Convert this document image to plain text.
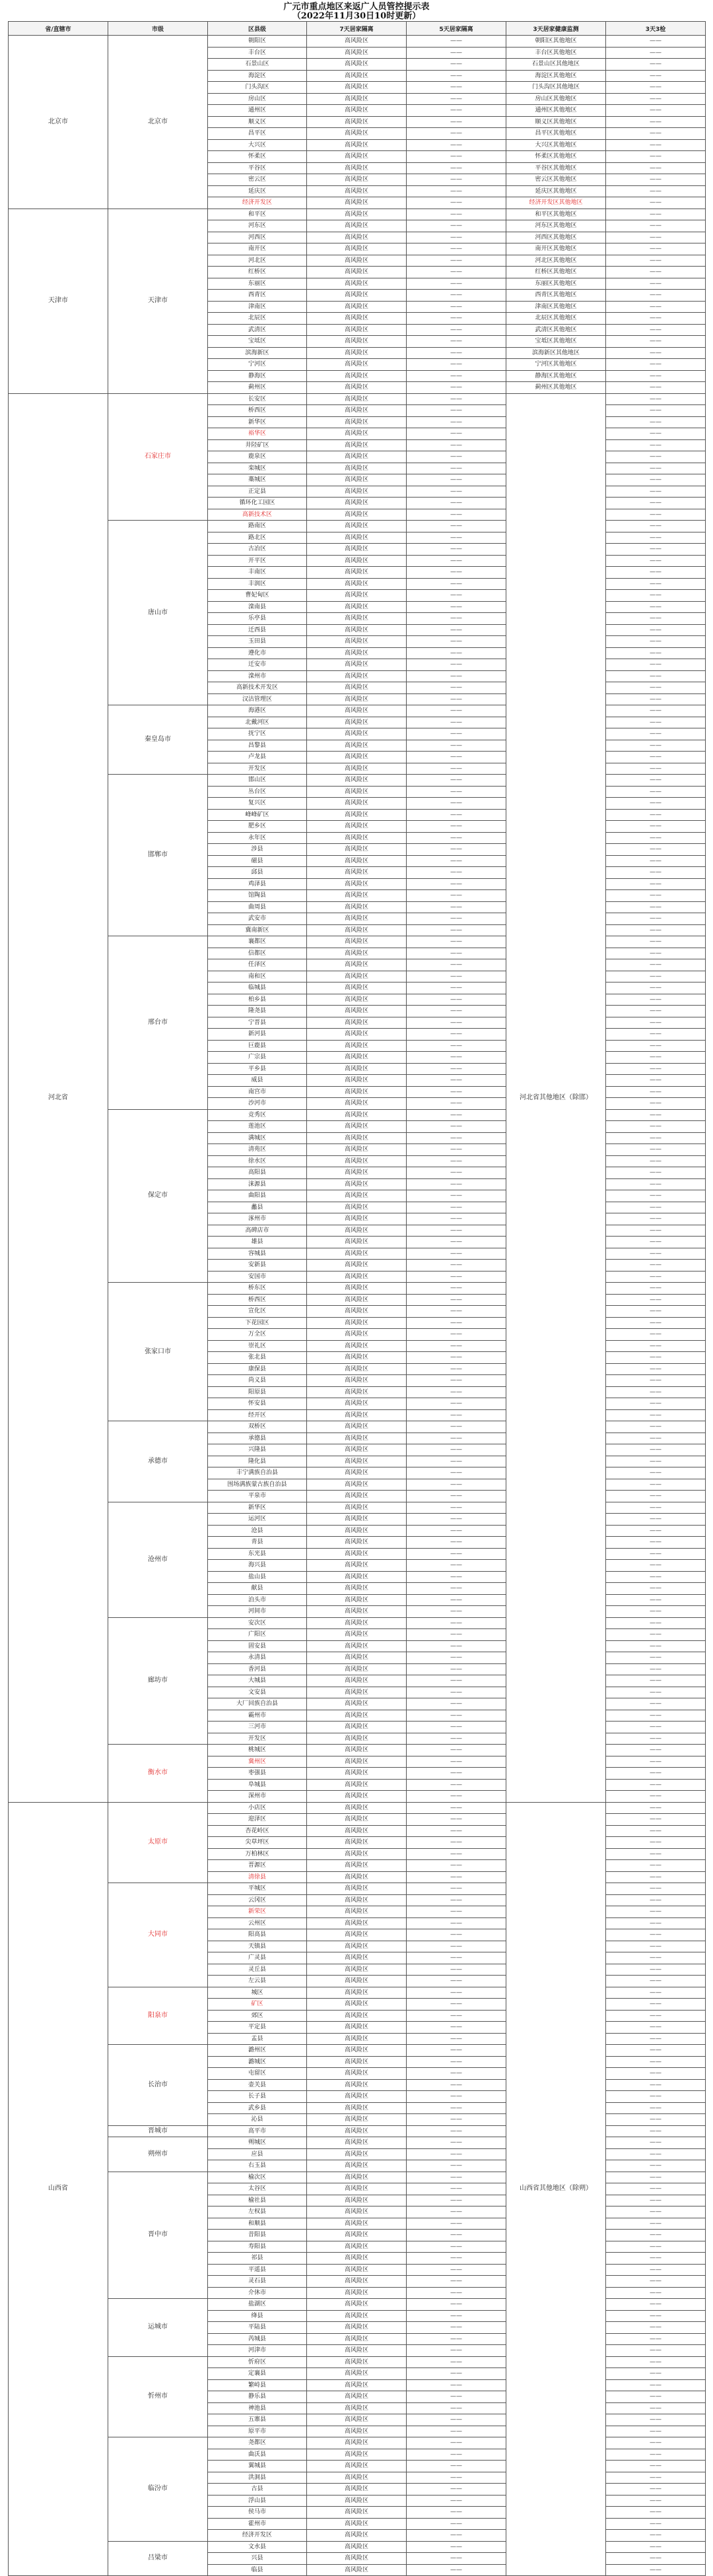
广元市重点地区来返广人员管控提示表
（2022年11月30日10时更新）
省/直辖市	市级	区县级	7天居家隔离	5天居家隔离	3天居家健康监测	3天3检
北京市	北京市	朝阳区	高风险区	——	朝阳区其他地区	——
		丰台区	高风险区	——	丰台区其他地区	——
		石景山区	高风险区	——	石景山区其他地区	——
		海淀区	高风险区	——	海淀区其他地区	——
		门头沟区	高风险区	——	门头沟区其他地区	——
		房山区	高风险区	——	房山区其他地区	——
		通州区	高风险区	——	通州区其他地区	——
		顺义区	高风险区	——	顺义区其他地区	——
		昌平区	高风险区	——	昌平区其他地区	——
		大兴区	高风险区	——	大兴区其他地区	——
		怀柔区	高风险区	——	怀柔区其他地区	——
		平谷区	高风险区	——	平谷区其他地区	——
		密云区	高风险区	——	密云区其他地区	——
		延庆区	高风险区	——	延庆区其他地区	——
		经济开发区	高风险区	——	经济开发区其他地区	——
天津市	天津市	和平区	高风险区	——	和平区其他地区	——
		河东区	高风险区	——	河东区其他地区	——
		河西区	高风险区	——	河西区其他地区	——
		南开区	高风险区	——	南开区其他地区	——
		河北区	高风险区	——	河北区其他地区	——
		红桥区	高风险区	——	红桥区其他地区	——
		东丽区	高风险区	——	东丽区其他地区	——
		西青区	高风险区	——	西青区其他地区	——
		津南区	高风险区	——	津南区其他地区	——
		北辰区	高风险区	——	北辰区其他地区	——
		武清区	高风险区	——	武清区其他地区	——
		宝坻区	高风险区	——	宝坻区其他地区	——
		滨海新区	高风险区	——	滨海新区其他地区	——
		宁河区	高风险区	——	宁河区其他地区	——
		静海区	高风险区	——	静海区其他地区	——
		蓟州区	高风险区	——	蓟州区其他地区	——
河北省	石家庄市	长安区	高风险区	——	河北省其他地区（除邯）	——
		桥西区	高风险区	——		——
		新华区	高风险区	——		——
		裕华区	高风险区	——		——
		井陉矿区	高风险区	——		——
		鹿泉区	高风险区	——		——
		栾城区	高风险区	——		——
		藁城区	高风险区	——		——
		正定县	高风险区	——		——
		循环化工园区	高风险区	——		——
		高新技术区	高风险区	——		——
	唐山市	路南区	高风险区	——		——
		路北区	高风险区	——		——
		古冶区	高风险区	——		——
		开平区	高风险区	——		——
		丰南区	高风险区	——		——
		丰润区	高风险区	——		——
		曹妃甸区	高风险区	——		——
		滦南县	高风险区	——		——
		乐亭县	高风险区	——		——
		迁西县	高风险区	——		——
		玉田县	高风险区	——		——
		遵化市	高风险区	——		——
		迁安市	高风险区	——		——
		滦州市	高风险区	——		——
		高新技术开发区	高风险区	——		——
		汉沽管理区	高风险区	——		——
	秦皇岛市	海港区	高风险区	——		——
		北戴河区	高风险区	——		——
		抚宁区	高风险区	——		——
		昌黎县	高风险区	——		——
		卢龙县	高风险区	——		——
		开发区	高风险区	——		——
	邯郸市	邯山区	高风险区	——		——
		丛台区	高风险区	——		——
		复兴区	高风险区	——		——
		峰峰矿区	高风险区	——		——
		肥乡区	高风险区	——		——
		永年区	高风险区	——		——
		涉县	高风险区	——		——
		磁县	高风险区	——		——
		邱县	高风险区	——		——
		鸡泽县	高风险区	——		——
		馆陶县	高风险区	——		——
		曲周县	高风险区	——		——
		武安市	高风险区	——		——
		冀南新区	高风险区	——		——
	邢台市	襄都区	高风险区	——		——
		信都区	高风险区	——		——
		任泽区	高风险区	——		——
		南和区	高风险区	——		——
		临城县	高风险区	——		——
		柏乡县	高风险区	——		——
		隆尧县	高风险区	——		——
		宁晋县	高风险区	——		——
		新河县	高风险区	——		——
		巨鹿县	高风险区	——		——
		广宗县	高风险区	——		——
		平乡县	高风险区	——		——
		威县	高风险区	——		——
		南宫市	高风险区	——		——
		沙河市	高风险区	——		——
	保定市	竞秀区	高风险区	——		——
		莲池区	高风险区	——		——
		满城区	高风险区	——		——
		清苑区	高风险区	——		——
		徐水区	高风险区	——		——
		高阳县	高风险区	——		——
		涞源县	高风险区	——		——
		曲阳县	高风险区	——		——
		蠡县	高风险区	——		——
		涿州市	高风险区	——		——
		高碑店市	高风险区	——		——
		雄县	高风险区	——		——
		容城县	高风险区	——		——
		安新县	高风险区	——		——
		安国市	高风险区	——		——
	张家口市	桥东区	高风险区	——		——
		桥西区	高风险区	——		——
		宣化区	高风险区	——		——
		下花园区	高风险区	——		——
		万全区	高风险区	——		——
		崇礼区	高风险区	——		——
		张北县	高风险区	——		——
		康保县	高风险区	——		——
		尚义县	高风险区	——		——
		阳原县	高风险区	——		——
		怀安县	高风险区	——		——
		经开区	高风险区	——		——
	承德市	双桥区	高风险区	——		——
		承德县	高风险区	——		——
		兴隆县	高风险区	——		——
		隆化县	高风险区	——		——
		丰宁满族自治县	高风险区	——		——
		围场满族蒙古族自治县	高风险区	——		——
		平泉市	高风险区	——		——
	沧州市	新华区	高风险区	——		——
		运河区	高风险区	——		——
		沧县	高风险区	——		——
		青县	高风险区	——		——
		东光县	高风险区	——		——
		海兴县	高风险区	——		——
		盐山县	高风险区	——		——
		献县	高风险区	——		——
		泊头市	高风险区	——		——
		河间市	高风险区	——		——
	廊坊市	安次区	高风险区	——		——
		广阳区	高风险区	——		——
		固安县	高风险区	——		——
		永清县	高风险区	——		——
		香河县	高风险区	——		——
		大城县	高风险区	——		——
		文安县	高风险区	——		——
		大厂回族自治县	高风险区	——		——
		霸州市	高风险区	——		——
		三河市	高风险区	——		——
		开发区	高风险区	——		——
	衡水市	桃城区	高风险区	——		——
		冀州区	高风险区	——		——
		枣强县	高风险区	——		——
		阜城县	高风险区	——		——
		深州市	高风险区	——		——
山西省	太原市	小店区	高风险区	——	山西省其他地区（除朔）	——
		迎泽区	高风险区	——		——
		杏花岭区	高风险区	——		——
		尖草坪区	高风险区	——		——
		万柏林区	高风险区	——		——
		晋源区	高风险区	——		——
		清徐县	高风险区	——		——
	大同市	平城区	高风险区	——		——
		云冈区	高风险区	——		——
		新荣区	高风险区	——		——
		云州区	高风险区	——		——
		阳高县	高风险区	——		——
		天镇县	高风险区	——		——
		广灵县	高风险区	——		——
		灵丘县	高风险区	——		——
		左云县	高风险区	——		——
	阳泉市	城区	高风险区	——		——
		矿区	高风险区	——		——
		郊区	高风险区	——		——
		平定县	高风险区	——		——
		盂县	高风险区	——		——
	长治市	潞州区	高风险区	——		——
		潞城区	高风险区	——		——
		屯留区	高风险区	——		——
		壶关县	高风险区	——		——
		长子县	高风险区	——		——
		武乡县	高风险区	——		——
		沁县	高风险区	——		——
	晋城市	高平市	高风险区	——		——
	朔州市	朔城区	高风险区	——		——
		应县	高风险区	——		——
		右玉县	高风险区	——		——
	晋中市	榆次区	高风险区	——		——
		太谷区	高风险区	——		——
		榆社县	高风险区	——		——
		左权县	高风险区	——		——
		和顺县	高风险区	——		——
		昔阳县	高风险区	——		——
		寿阳县	高风险区	——		——
		祁县	高风险区	——		——
		平遥县	高风险区	——		——
		灵石县	高风险区	——		——
		介休市	高风险区	——		——
	运城市	盐湖区	高风险区	——		——
		绛县	高风险区	——		——
		平陆县	高风险区	——		——
		芮城县	高风险区	——		——
		河津市	高风险区	——		——
	忻州市	忻府区	高风险区	——		——
		定襄县	高风险区	——		——
		繁峙县	高风险区	——		——
		静乐县	高风险区	——		——
		神池县	高风险区	——		——
		五寨县	高风险区	——		——
		原平市	高风险区	——		——
	临汾市	尧都区	高风险区	——		——
		曲沃县	高风险区	——		——
		翼城县	高风险区	——		——
		洪洞县	高风险区	——		——
		古县	高风险区	——		——
		浮山县	高风险区	——		——
		侯马市	高风险区	——		——
		霍州市	高风险区	——		——
		经济开发区	高风险区	——		——
	吕梁市	文水县	高风险区	——		——
		兴县	高风险区	——		——
		临县	高风险区	——		——
